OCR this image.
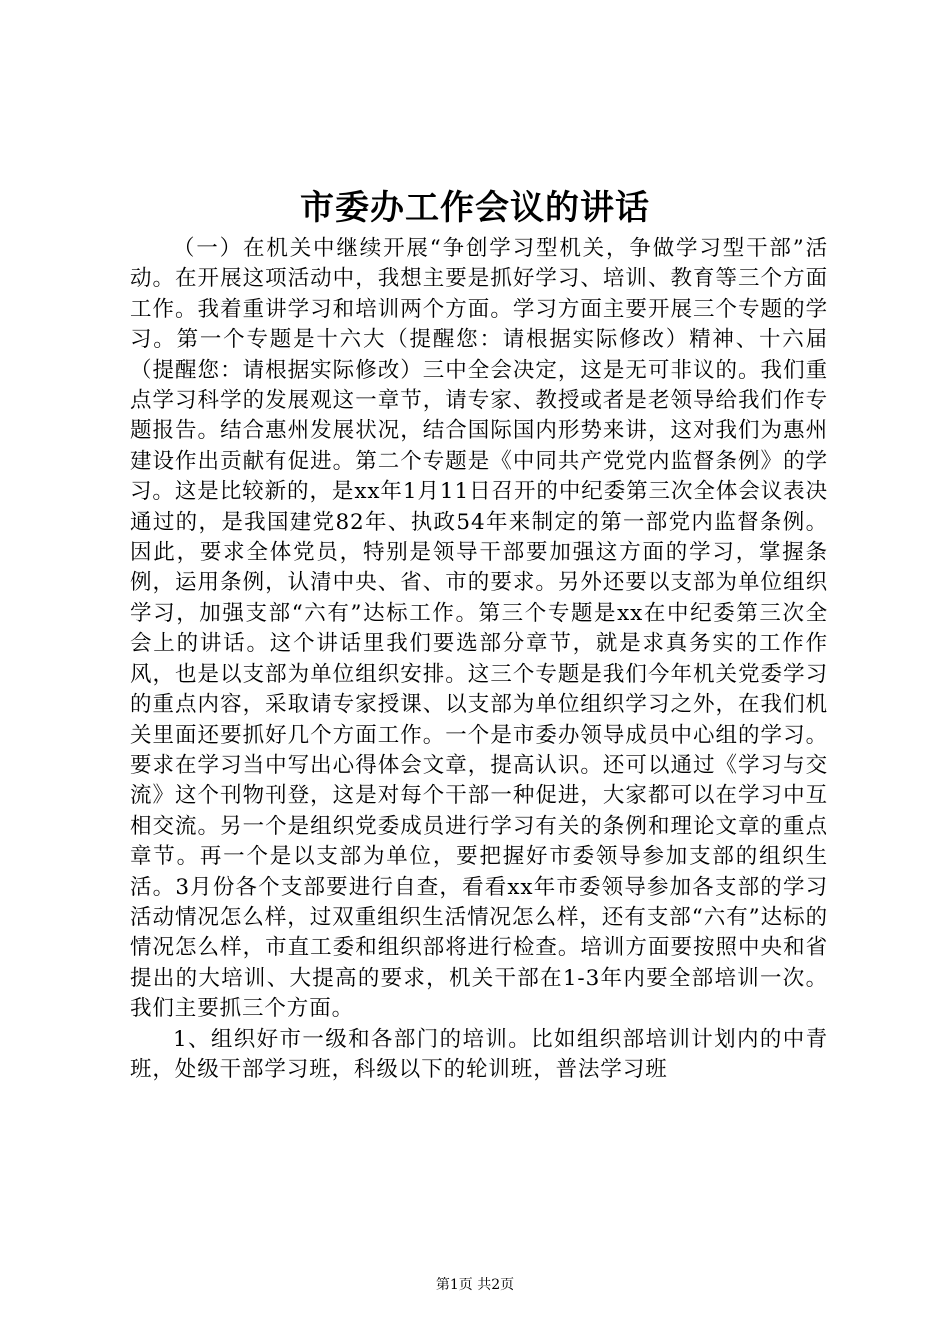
市委办工作会议的讲话

（一）在机关中继续开展“争创学习型机关，争做学习型干部”活动。在开展这项活动中，我想主要是抓好学习、培训、教育等三个方面工作。我着重讲学习和培训两个方面。学习方面主要开展三个专题的学习。第一个专题是十六大（提醒您：请根据实际修改）精神、十六届（提醒您：请根据实际修改）三中全会决定，这是无可非议的。我们重点学习科学的发展观这一章节，请专家、教授或者是老领导给我们作专题报告。结合惠州发展状况，结合国际国内形势来讲，这对我们为惠州建设作出贡献有促进。第二个专题是《中同共产党党内监督条例》的学习。这是比较新的，是xx年1月11日召开的中纪委第三次全体会议表决通过的，是我国建党82年、执政54年来制定的第一部党内监督条例。因此，要求全体党员，特别是领导干部要加强这方面的学习，掌握条例，运用条例，认清中央、省、市的要求。另外还要以支部为单位组织学习，加强支部“六有”达标工作。第三个专题是xx在中纪委第三次全会上的讲话。这个讲话里我们要选部分章节，就是求真务实的工作作风，也是以支部为单位组织安排。这三个专题是我们今年机关党委学习的重点内容，采取请专家授课、以支部为单位组织学习之外，在我们机关里面还要抓好几个方面工作。一个是市委办领导成员中心组的学习。要求在学习当中写出心得体会文章，提高认识。还可以通过《学习与交流》这个刊物刊登，这是对每个干部一种促进，大家都可以在学习中互相交流。另一个是组织党委成员进行学习有关的条例和理论文章的重点章节。再一个是以支部为单位，要把握好市委领导参加支部的组织生活。3月份各个支部要进行自查，看看xx年市委领导参加各支部的学习活动情况怎么样，过双重组织生活情况怎么样，还有支部“六有”达标的情况怎么样，市直工委和组织部将进行检查。培训方面要按照中央和省提出的大培训、大提高的要求，机关干部在1-3年内要全部培训一次。我们主要抓三个方面。

1、组织好市一级和各部门的培训。比如组织部培训计划内的中青班，处级干部学习班，科级以下的轮训班，普法学习班

第1页 共2页
